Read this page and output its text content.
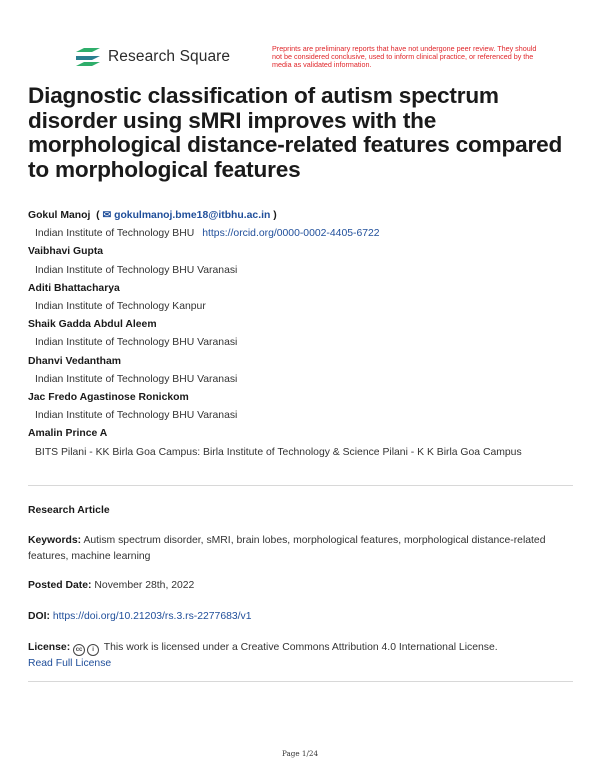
Research Square	Preprints are preliminary reports that have not undergone peer review. They should not be considered conclusive, used to inform clinical practice, or referenced by the media as validated information.
Diagnostic classification of autism spectrum disorder using sMRI improves with the morphological distance-related features compared to morphological features
Gokul Manoj ( ✉ gokulmanoj.bme18@itbhu.ac.in )
Indian Institute of Technology BHU https://orcid.org/0000-0002-4405-6722
Vaibhavi Gupta
Indian Institute of Technology BHU Varanasi
Aditi Bhattacharya
Indian Institute of Technology Kanpur
Shaik Gadda Abdul Aleem
Indian Institute of Technology BHU Varanasi
Dhanvi Vedantham
Indian Institute of Technology BHU Varanasi
Jac Fredo Agastinose Ronickom
Indian Institute of Technology BHU Varanasi
Amalin Prince A
BITS Pilani - KK Birla Goa Campus: Birla Institute of Technology & Science Pilani - K K Birla Goa Campus
Research Article
Keywords: Autism spectrum disorder, sMRI, brain lobes, morphological features, morphological distance-related features, machine learning
Posted Date: November 28th, 2022
DOI: https://doi.org/10.21203/rs.3.rs-2277683/v1
License: cc i This work is licensed under a Creative Commons Attribution 4.0 International License.
Read Full License
Page 1/24
